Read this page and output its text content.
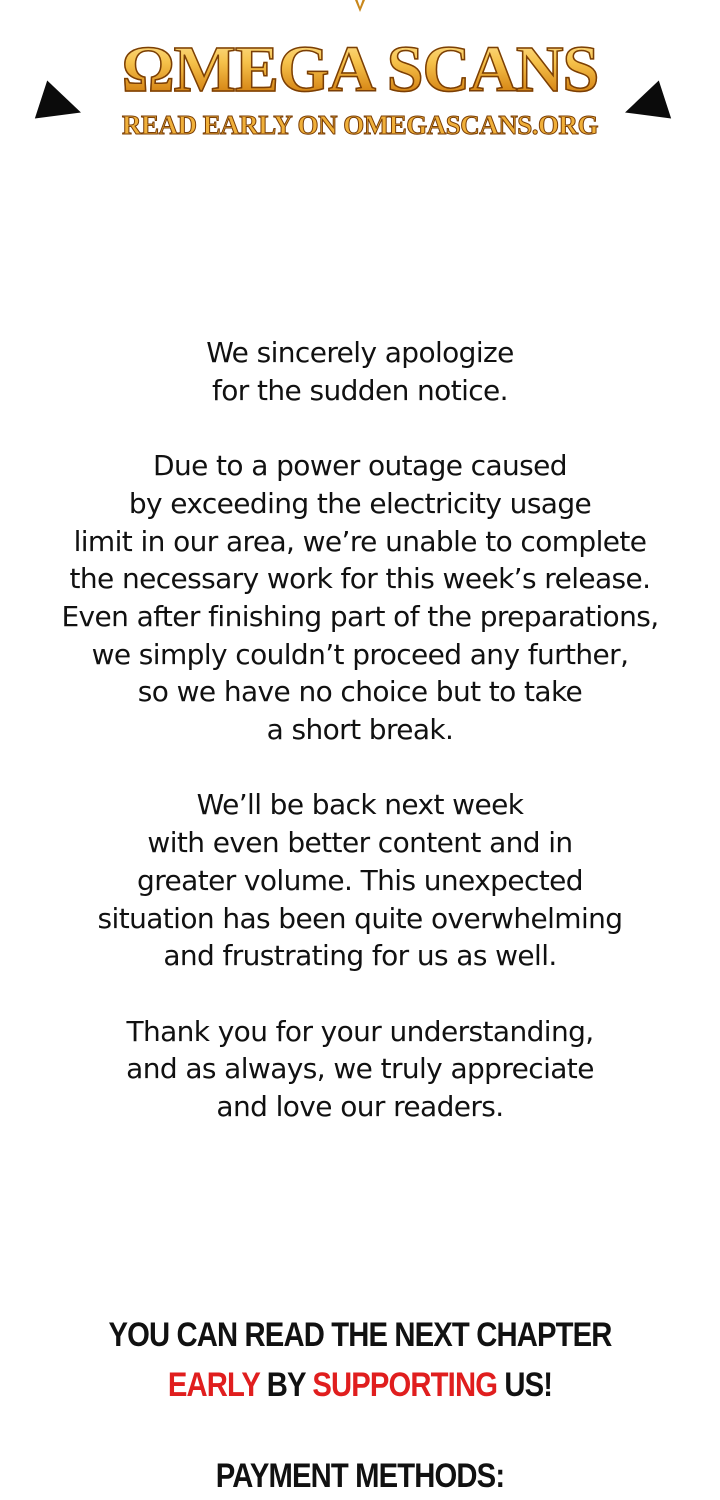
ΩMEGA SCANS
READ EARLY ON OMEGASCANS.ORG
We sincerely apologize
for the sudden notice.
Due to a power outage caused
by exceeding the electricity usage
limit in our area, we’re unable to complete
the necessary work for this week’s release.
Even after finishing part of the preparations,
we simply couldn’t proceed any further,
so we have no choice but to take
a short break.
We’ll be back next week
with even better content and in
greater volume. This unexpected
situation has been quite overwhelming
and frustrating for us as well.
Thank you for your understanding,
and as always, we truly appreciate
and love our readers.
YOU CAN READ THE NEXT CHAPTER
EARLY BY SUPPORTING US!
PAYMENT METHODS:
